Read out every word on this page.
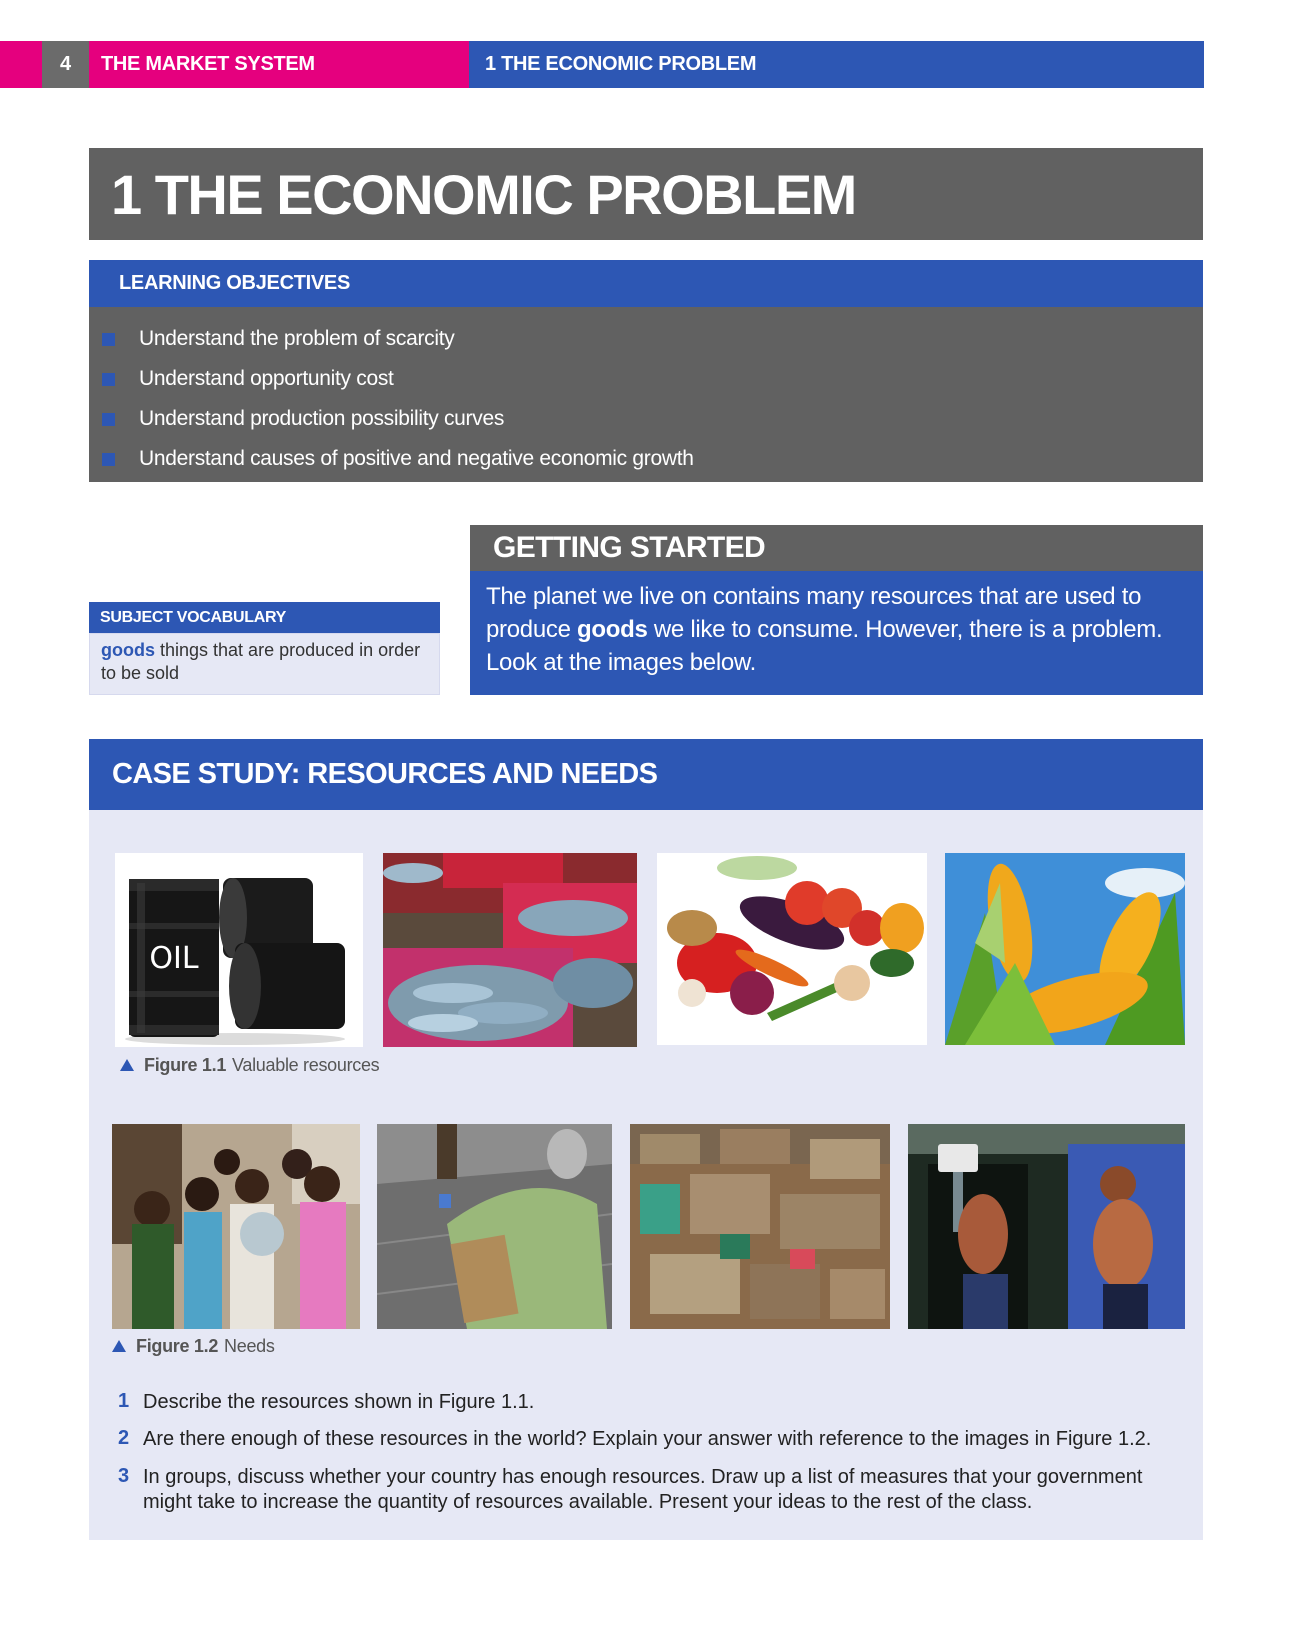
4	THE MARKET SYSTEM	1 THE ECONOMIC PROBLEM
1 THE ECONOMIC PROBLEM
LEARNING OBJECTIVES
Understand the problem of scarcity
Understand opportunity cost
Understand production possibility curves
Understand causes of positive and negative economic growth
SUBJECT VOCABULARY
goods things that are produced in order to be sold
GETTING STARTED
The planet we live on contains many resources that are used to produce goods we like to consume. However, there is a problem. Look at the images below.
CASE STUDY: RESOURCES AND NEEDS
OIL
Figure 1.1 Valuable resources
Figure 1.2 Needs
1 Describe the resources shown in Figure 1.1.
2 Are there enough of these resources in the world? Explain your answer with reference to the images in Figure 1.2.
3 In groups, discuss whether your country has enough resources. Draw up a list of measures that your government might take to increase the quantity of resources available. Present your ideas to the rest of the class.
